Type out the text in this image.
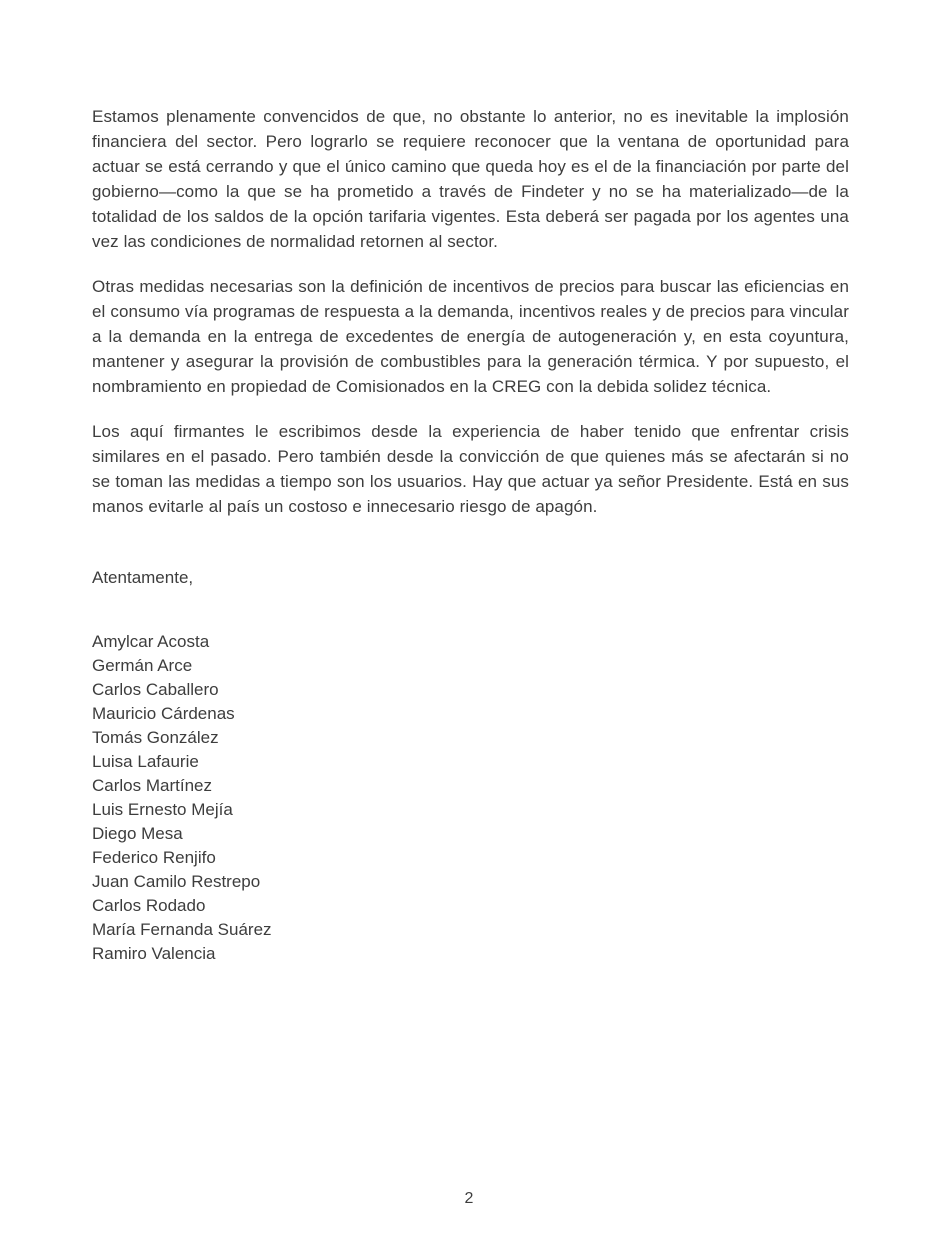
Estamos plenamente convencidos de que, no obstante lo anterior, no es inevitable la implosión financiera del sector. Pero lograrlo se requiere reconocer que la ventana de oportunidad para actuar se está cerrando y que el único camino que queda hoy es el de la financiación por parte del gobierno—como la que se ha prometido a través de Findeter y no se ha materializado—de la totalidad de los saldos de la opción tarifaria vigentes. Esta deberá ser pagada por los agentes una vez las condiciones de normalidad retornen al sector.

Otras medidas necesarias son la definición de incentivos de precios para buscar las eficiencias en el consumo vía programas de respuesta a la demanda, incentivos reales y de precios para vincular a la demanda en la entrega de excedentes de energía de autogeneración y, en esta coyuntura, mantener y asegurar la provisión de combustibles para la generación térmica. Y por supuesto, el nombramiento en propiedad de Comisionados en la CREG con la debida solidez técnica.

Los aquí firmantes le escribimos desde la experiencia de haber tenido que enfrentar crisis similares en el pasado. Pero también desde la convicción de que quienes más se afectarán si no se toman las medidas a tiempo son los usuarios. Hay que actuar ya señor Presidente. Está en sus manos evitarle al país un costoso e innecesario riesgo de apagón.

Atentamente,

Amylcar Acosta
Germán Arce
Carlos Caballero
Mauricio Cárdenas
Tomás González
Luisa Lafaurie
Carlos Martínez
Luis Ernesto Mejía
Diego Mesa
Federico Renjifo
Juan Camilo Restrepo
Carlos Rodado
María Fernanda Suárez
Ramiro Valencia
2
